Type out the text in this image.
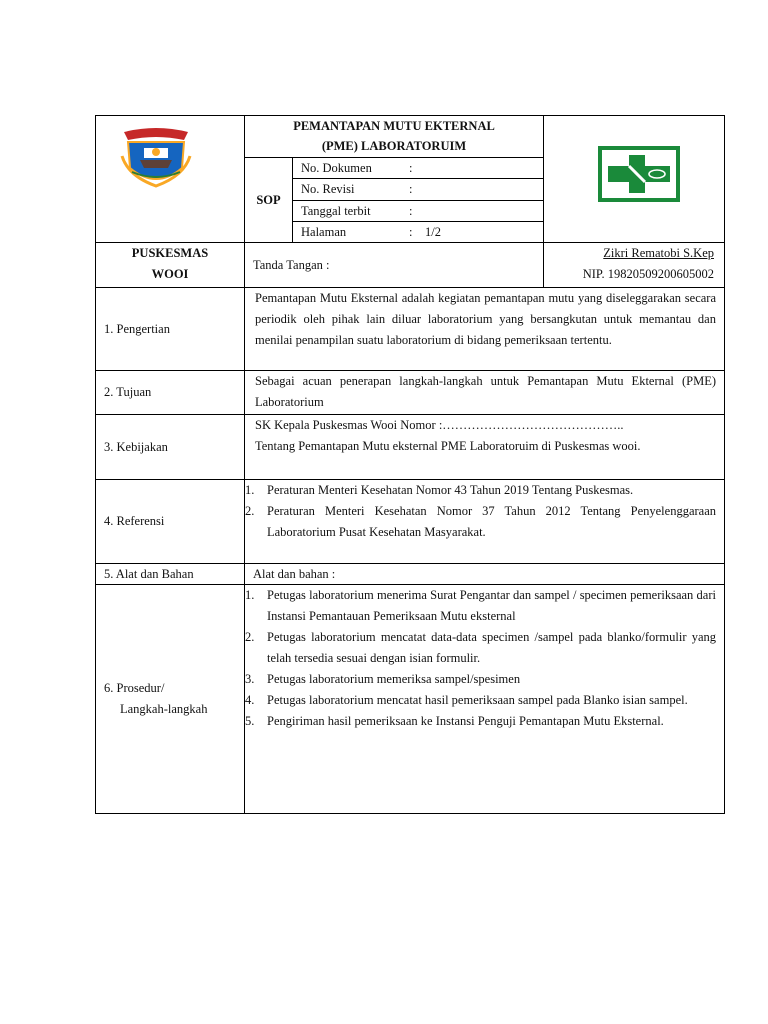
PEMANTAPAN MUTU EKTERNAL
(PME) LABORATORUIM
SOP
No. Dokumen	:
No. Revisi	:
Tanggal terbit	:
Halaman	:    1/2
PUSKESMAS
WOOI
Tanda Tangan :
Zikri Rematobi S.Kep
NIP. 19820509200605002
1. Pengertian
Pemantapan Mutu Eksternal adalah kegiatan pemantapan mutu yang diseleggarakan secara periodik oleh pihak lain diluar laboratorium yang bersangkutan untuk memantau dan menilai penampilan suatu laboratorium di bidang pemeriksaan tertentu.
2. Tujuan
Sebagai acuan penerapan langkah-langkah untuk Pemantapan Mutu Ekternal (PME) Laboratorium
3. Kebijakan
SK Kepala Puskesmas Wooi Nomor :……………………………………..
Tentang Pemantapan Mutu eksternal PME Laboratoruim di Puskesmas wooi.
4. Referensi
1.	Peraturan Menteri Kesehatan Nomor 43 Tahun 2019 Tentang Puskesmas.
2.	Peraturan Menteri Kesehatan Nomor 37 Tahun 2012 Tentang Penyelenggaraan Laboratorium Pusat Kesehatan Masyarakat.
5. Alat dan Bahan	Alat dan bahan :
6. Prosedur/
Langkah-langkah
1.	Petugas laboratorium menerima Surat Pengantar dan sampel / specimen pemeriksaan dari Instansi Pemantauan Pemeriksaan Mutu eksternal
2.	Petugas laboratorium mencatat data-data specimen /sampel pada blanko/formulir yang telah tersedia sesuai dengan isian formulir.
3.	Petugas laboratorium memeriksa sampel/spesimen
4.	Petugas laboratorium mencatat hasil pemeriksaan sampel pada Blanko isian sampel.
5.	Pengiriman hasil pemeriksaan ke Instansi Penguji Pemantapan Mutu Eksternal.
